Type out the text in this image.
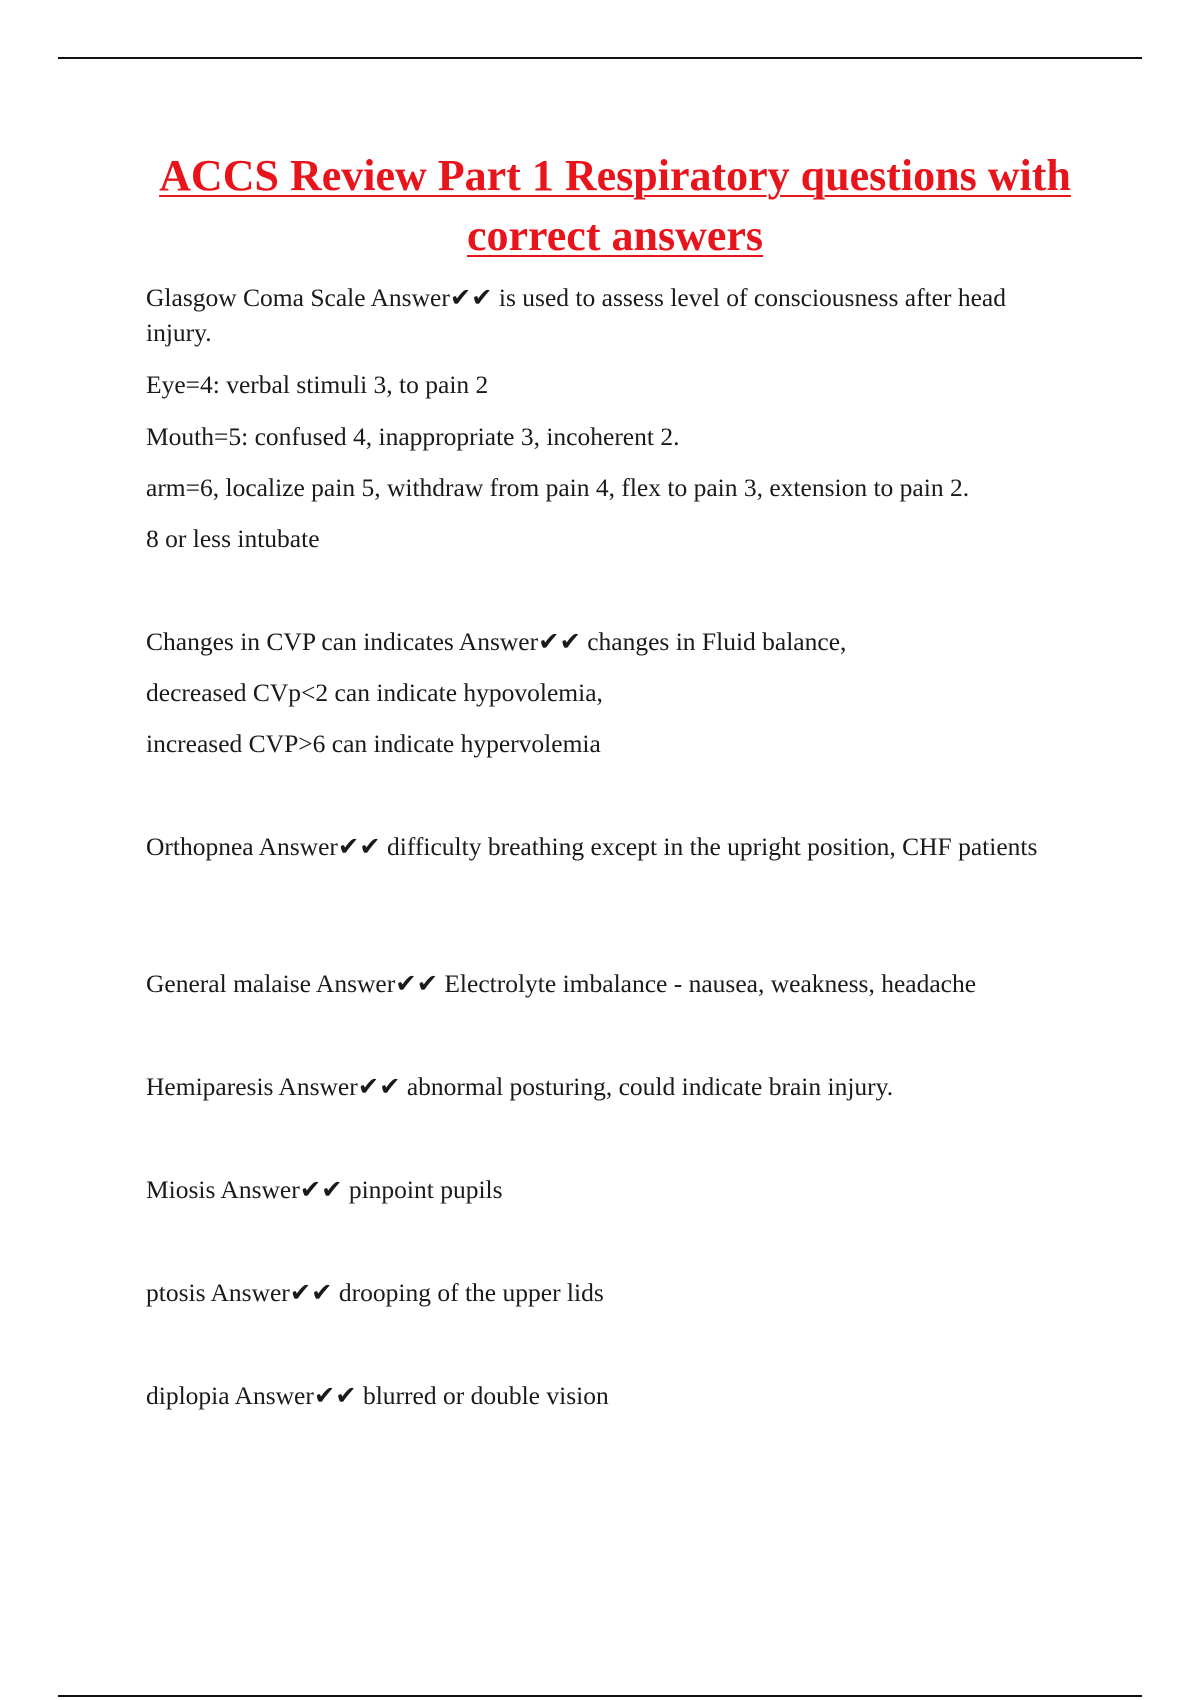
ACCS Review Part 1 Respiratory questions with correct answers

Glasgow Coma Scale Answer✔✔ is used to assess level of consciousness after head injury.

Eye=4: verbal stimuli 3, to pain 2

Mouth=5: confused 4, inappropriate 3, incoherent 2.

arm=6, localize pain 5, withdraw from pain 4, flex to pain 3, extension to pain 2.

8 or less intubate

Changes in CVP can indicates Answer✔✔ changes in Fluid balance,

decreased CVp<2 can indicate hypovolemia,

increased CVP>6 can indicate hypervolemia

Orthopnea Answer✔✔ difficulty breathing except in the upright position, CHF patients

General malaise Answer✔✔ Electrolyte imbalance - nausea, weakness, headache

Hemiparesis Answer✔✔ abnormal posturing, could indicate brain injury.

Miosis Answer✔✔ pinpoint pupils

ptosis Answer✔✔ drooping of the upper lids

diplopia Answer✔✔ blurred or double vision
